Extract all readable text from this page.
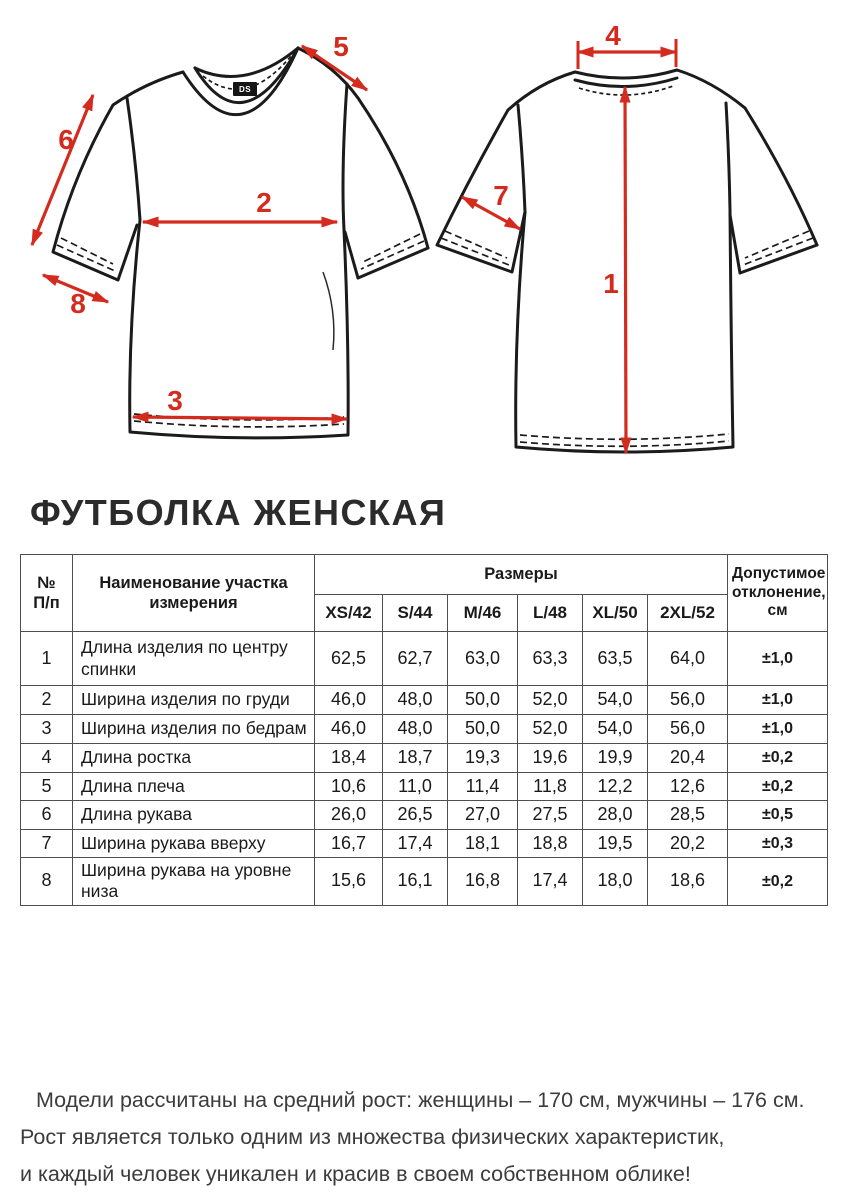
DS
2
3
5
6
8
4
1
7
ФУТБОЛКА ЖЕНСКАЯ
№
П/п	Наименование участка измерения	Размеры						Допустимое отклонение, см
		XS/42	S/44	M/46	L/48	XL/50	2XL/52	
1	Длина изделия по центру спинки	62,5	62,7	63,0	63,3	63,5	64,0	±1,0
2	Ширина изделия по груди	46,0	48,0	50,0	52,0	54,0	56,0	±1,0
3	Ширина изделия по бедрам	46,0	48,0	50,0	52,0	54,0	56,0	±1,0
4	Длина ростка	18,4	18,7	19,3	19,6	19,9	20,4	±0,2
5	Длина плеча	10,6	11,0	11,4	11,8	12,2	12,6	±0,2
6	Длина рукава	26,0	26,5	27,0	27,5	28,0	28,5	±0,5
7	Ширина рукава вверху	16,7	17,4	18,1	18,8	19,5	20,2	±0,3
8	Ширина рукава на уровне низа	15,6	16,1	16,8	17,4	18,0	18,6	±0,2

Модели рассчитаны на средний рост: женщины – 170 см, мужчины – 176 см.

Рост является только одним из множества физических характеристик,

и каждый человек уникален и красив в своем собственном облике!
